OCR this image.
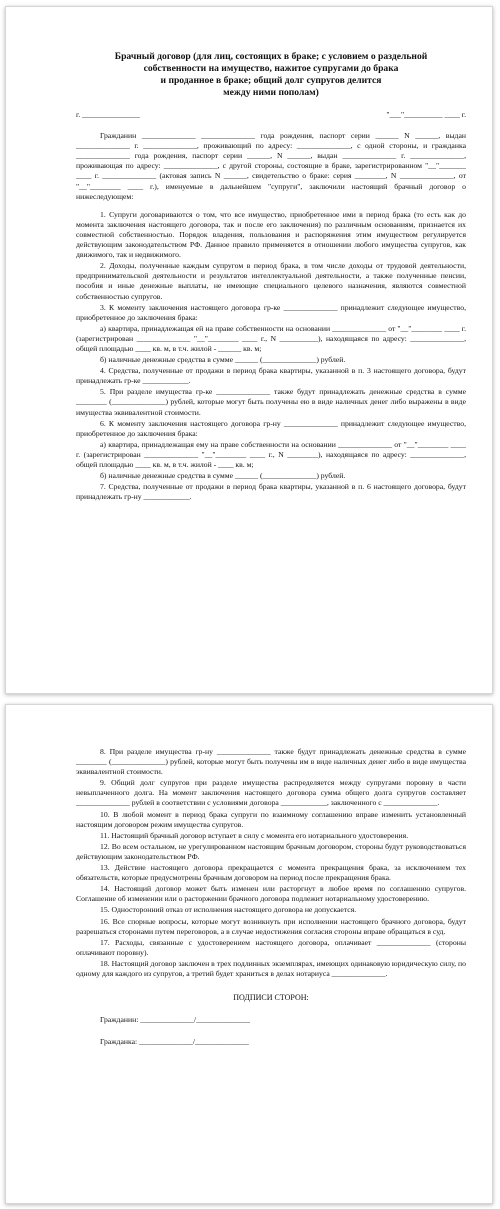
Брачный договор (для лиц, состоящих в браке; с условием о раздельной
собственности на имущество, нажитое супругами до брака
и проданное в браке; общий долг супругов делится
между ними пополам)
г. _______________	"___"__________ ____ г.
Гражданин ______________ ______________ года рождения, паспорт серии ______ N ______, выдан ______________ г. ______________, проживающий по адресу: ______________, с одной стороны, и гражданка ______________ года рождения, паспорт серии ______, N ______, выдан ______________ г. ______________, проживающая по адресу: ______________, с другой стороны, состоящие в браке, зарегистрированном "__"_______ ____ г. ______________ (актовая запись N ______, свидетельство о браке: серия ________, N ______________, от "__"________ ____ г.), именуемые в дальнейшем "супруги", заключили настоящий брачный договор о нижеследующем:
1. Супруги договариваются о том, что все имущество, приобретенное ими в период брака (то есть как до момента заключения настоящего договора, так и после его заключения) по различным основаниям, признается их совместной собственностью. Порядок владения, пользования и распоряжения этим имуществом регулируется действующим законодательством РФ. Данное правило применяется в отношении любого имущества супругов, как движимого, так и недвижимого.
2. Доходы, полученные каждым супругом в период брака, в том числе доходы от трудовой деятельности, предпринимательской деятельности и результатов интеллектуальной деятельности, а также полученные пенсии, пособия и иные денежные выплаты, не имеющие специального целевого назначения, являются совместной собственностью супругов.
3. К моменту заключения настоящего договора гр-ке ______________ принадлежит следующее имущество, приобретенное до заключения брака:
а) квартира, принадлежащая ей на праве собственности на основании ______________ от "__"________ ____ г. (зарегистрирован ______________ "__"________ ____ г., N __________), находящаяся по адресу: ______________, общей площадью ____ кв. м, в т.ч. жилой - ______ кв. м;
б) наличные денежные средства в сумме ______ (______________) рублей.
4. Средства, полученные от продажи в период брака квартиры, указанной в п. 3 настоящего договора, будут принадлежать гр-ке ____________.
5. При разделе имущества гр-ке ______________ также будут принадлежать денежные средства в сумме ________ (______________) рублей, которые могут быть получены ею в виде наличных денег либо выражены в виде имущества эквивалентной стоимости.
6. К моменту заключения настоящего договора гр-ну ______________ принадлежит следующее имущество, приобретенное до заключения брака:
а) квартира, принадлежащая ему на праве собственности на основании ______________ от "__"________ ____ г. (зарегистрирован ______________ "__"________ ____ г., N ________), находящаяся по адресу: ______________, общей площадью ____ кв. м, в т.ч. жилой - ____ кв. м;
б) наличные денежные средства в сумме ______ (______________) рублей.
7. Средства, полученные от продажи в период брака квартиры, указанной в п. 6 настоящего договора, будут принадлежать гр-ну ____________.
8. При разделе имущества гр-ну ______________ также будут принадлежать денежные средства в сумме ________ (______________) рублей, которые могут быть получены им в виде наличных денег либо в виде имущества эквивалентной стоимости.
9. Общий долг супругов при разделе имущества распределяется между супругами поровну в части невыплаченного долга. На момент заключения настоящего договора сумма общего долга супругов составляет ______________ рублей в соответствии с условиями договора ____________, заключенного с ______________.
10. В любой момент в период брака супруги по взаимному соглашению вправе изменить установленный настоящим договором режим имущества супругов.
11. Настоящий брачный договор вступает в силу с момента его нотариального удостоверения.
12. Во всем остальном, не урегулированном настоящим брачным договором, стороны будут руководствоваться действующим законодательством РФ.
13. Действие настоящего договора прекращается с момента прекращения брака, за исключением тех обязательств, которые предусмотрены брачным договором на период после прекращения брака.
14. Настоящий договор может быть изменен или расторгнут в любое время по соглашению супругов. Соглашение об изменении или о расторжении брачного договора подлежит нотариальному удостоверению.
15. Односторонний отказ от исполнения настоящего договора не допускается.
16. Все спорные вопросы, которые могут возникнуть при исполнении настоящего брачного договора, будут разрешаться сторонами путем переговоров, а в случае недостижения согласия стороны вправе обращаться в суд.
17. Расходы, связанные с удостоверением настоящего договора, оплачивает ______________ (стороны оплачивают поровну).
18. Настоящий договор заключен в трех подлинных экземплярах, имеющих одинаковую юридическую силу, по одному для каждого из супругов, а третий будет храниться в делах нотариуса ______________.
ПОДПИСИ СТОРОН:
Гражданин: ______________/______________
Гражданка: ______________/______________
